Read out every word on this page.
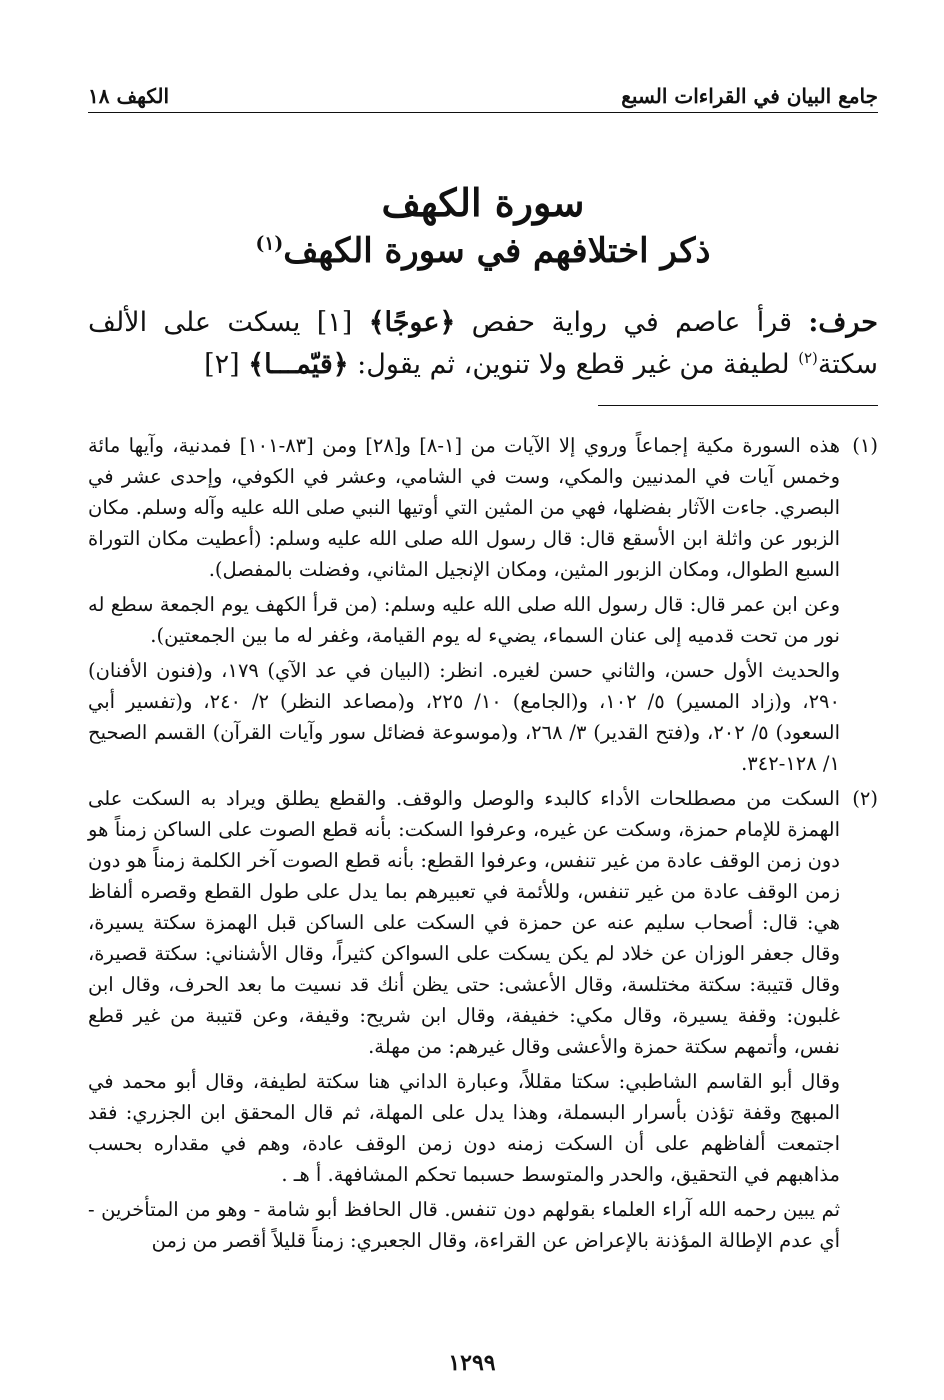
جامع البيان في القراءات السبع
الكهف ١٨
سورة الكهف
ذكر اختلافهم في سورة الكهف$^{(١)}$
حرف: قرأ عاصم في رواية حفص ﴿عوجًا﴾ [١] يسكت على الألف سكتة$^{(٢)}$ لطيفة من غير قطع ولا تنوين، ثم يقول: ﴿قيّمـــا﴾ [٢]
(١)

هذه السورة مكية إجماعاً وروي إلا الآيات من [١-٨] و[٢٨] ومن [٨٣-١٠١] فمدنية، وآيها مائة وخمس آيات في المدنيين والمكي، وست في الشامي، وعشر في الكوفي، وإحدى عشر في البصري. جاءت الآثار بفضلها، فهي من المثين التي أوتيها النبي صلى الله عليه وآله وسلم. مكان الزبور عن واثلة ابن الأسقع قال: قال رسول الله صلى الله عليه وسلم: (أعطيت مكان التوراة السبع الطوال، ومكان الزبور المثين، ومكان الإنجيل المثاني، وفضلت بالمفصل).

وعن ابن عمر قال: قال رسول الله صلى الله عليه وسلم: (من قرأ الكهف يوم الجمعة سطع له نور من تحت قدميه إلى عنان السماء، يضيء له يوم القيامة، وغفر له ما بين الجمعتين).

والحديث الأول حسن، والثاني حسن لغيره. انظر: (البيان في عد الآي) ١٧٩، و(فنون الأفنان) ٢٩٠، و(زاد المسير) ٥/ ١٠٢، و(الجامع) ١٠/ ٢٢٥، و(مصاعد النظر) ٢/ ٢٤٠، و(تفسير أبي السعود) ٥/ ٢٠٢، و(فتح القدير) ٣/ ٢٦٨، و(موسوعة فضائل سور وآيات القرآن) القسم الصحيح ١/ ١٢٨-٣٤٢.

(٢)

السكت من مصطلحات الأداء كالبدء والوصل والوقف. والقطع يطلق ويراد به السكت على الهمزة للإمام حمزة، وسكت عن غيره، وعرفوا السكت: بأنه قطع الصوت على الساكن زمناً هو دون زمن الوقف عادة من غير تنفس، وعرفوا القطع: بأنه قطع الصوت آخر الكلمة زمناً هو دون زمن الوقف عادة من غير تنفس، وللأئمة في تعبيرهم بما يدل على طول القطع وقصره ألفاظ هي: قال: أصحاب سليم عنه عن حمزة في السكت على الساكن قبل الهمزة سكتة يسيرة، وقال جعفر الوزان عن خلاد لم يكن يسكت على السواكن كثيراً، وقال الأشناني: سكتة قصيرة، وقال قتيبة: سكتة مختلسة، وقال الأعشى: حتى يظن أنك قد نسيت ما بعد الحرف، وقال ابن غلبون: وقفة يسيرة، وقال مكي: خفيفة، وقال ابن شريح: وقيفة، وعن قتيبة من غير قطع نفس، وأتمهم سكتة حمزة والأعشى وقال غيرهم: من مهلة.

وقال أبو القاسم الشاطبي: سكتا مقللاً، وعبارة الداني هنا سكتة لطيفة، وقال أبو محمد في المبهج وقفة تؤذن بأسرار البسملة، وهذا يدل على المهلة، ثم قال المحقق ابن الجزري: فقد اجتمعت ألفاظهم على أن السكت زمنه دون زمن الوقف عادة، وهم في مقداره بحسب مذاهبهم في التحقيق، والحدر والمتوسط حسبما تحكم المشافهة. أ هـ .

ثم يبين رحمه الله آراء العلماء بقولهم دون تنفس. قال الحافظ أبو شامة - وهو من المتأخرين - أي عدم الإطالة المؤذنة بالإعراض عن القراءة، وقال الجعبري: زمناً قليلاً أقصر من زمن

١٢٩٩
